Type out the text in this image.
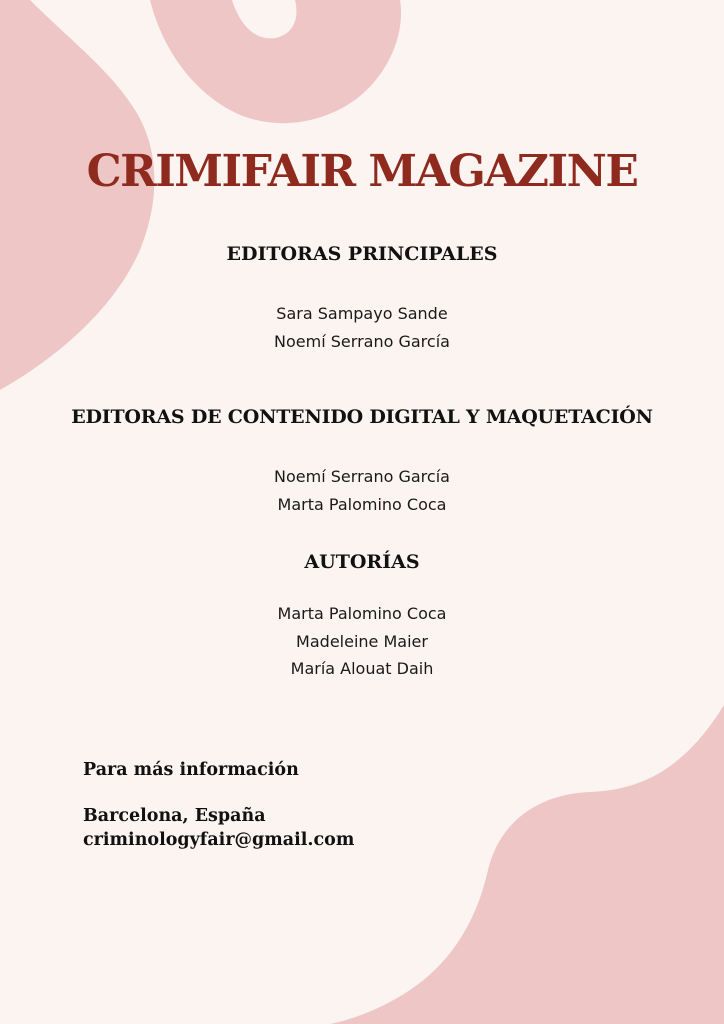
CRIMIFAIR MAGAZINE
EDITORAS PRINCIPALES
Sara Sampayo Sande
Noemí Serrano García
EDITORAS DE CONTENIDO DIGITAL Y MAQUETACIÓN
Noemí Serrano García
Marta Palomino Coca
AUTORÍAS
Marta Palomino Coca
Madeleine Maier
María Alouat Daih
Para más información
Barcelona, España
criminologyfair@gmail.com
